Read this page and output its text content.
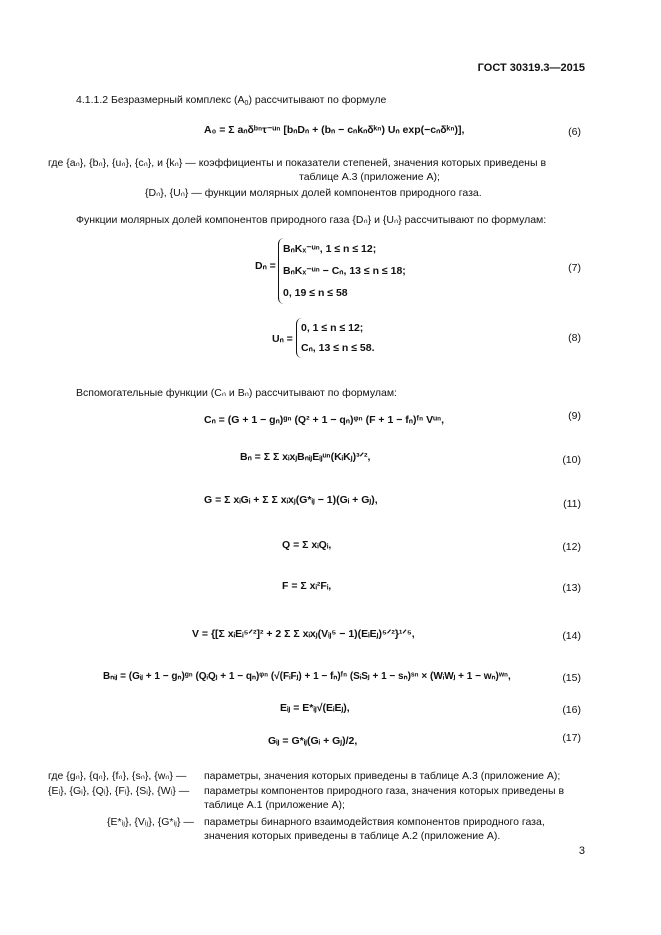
ГОСТ 30319.3—2015
4.1.1.2 Безразмерный комплекс $(A_0)$ рассчитывают по формуле
A₀ = Σ aₙδᵇⁿτ⁻ᵘⁿ [bₙDₙ + (bₙ − cₙkₙδᵏⁿ) Uₙ exp(−cₙδᵏⁿ)],	(6)
где {aₙ}, {bₙ}, {uₙ}, {cₙ}, и {kₙ} — коэффициенты и показатели степеней, значения которых приведены в
таблице А.3 (приложение А);
{Dₙ}, {Uₙ} — функции молярных долей компонентов природного газа.
Функции молярных долей компонентов природного газа {Dₙ} и {Uₙ} рассчитывают по формулам:
Dₙ =
BₙKₓ⁻ᵘⁿ, 1 ≤ n ≤ 12;
BₙKₓ⁻ᵘⁿ − Cₙ, 13 ≤ n ≤ 18;
0, 19 ≤ n ≤ 58
(7)
Uₙ =
0, 1 ≤ n ≤ 12;
Cₙ, 13 ≤ n ≤ 58.
(8)
Вспомогательные функции (Cₙ и Bₙ) рассчитывают по формулам:
Cₙ = (G + 1 − gₙ)ᵍⁿ (Q² + 1 − qₙ)ᵠⁿ (F + 1 − fₙ)ᶠⁿ Vᵘⁿ,	(9)
Bₙ = Σ Σ xᵢxⱼBₙᵢⱼEᵢⱼᵘⁿ(KᵢKⱼ)³ᐟ²,	(10)
G = Σ xᵢGᵢ + Σ Σ xᵢxⱼ(G*ᵢⱼ − 1)(Gᵢ + Gⱼ),	(11)
Q = Σ xᵢQᵢ,	(12)
F = Σ xᵢ²Fᵢ,	(13)
V = {[Σ xᵢEᵢ⁵ᐟ²]² + 2 Σ Σ xᵢxⱼ(Vᵢⱼ⁵ − 1)(EᵢEⱼ)⁵ᐟ²}¹ᐟ⁵,	(14)
Bₙᵢⱼ = (Gᵢⱼ + 1 − gₙ)ᵍⁿ (QᵢQⱼ + 1 − qₙ)ᵠⁿ (√(FᵢFⱼ) + 1 − fₙ)ᶠⁿ (SᵢSⱼ + 1 − sₙ)ˢⁿ × (WᵢWⱼ + 1 − wₙ)ʷⁿ,	(15)
Eᵢⱼ = E*ᵢⱼ√(EᵢEⱼ),	(16)
Gᵢⱼ = G*ᵢⱼ(Gᵢ + Gⱼ)/2,	(17)
где {gₙ}, {qₙ}, {fₙ}, {sₙ}, {wₙ} — параметры, значения которых приведены в таблице А.3 (приложение А);
{Eᵢ}, {Gᵢ}, {Qᵢ}, {Fᵢ}, {Sᵢ}, {Wᵢ} — параметры компонентов природного газа, значения которых приведены в
таблице А.1 (приложение А);
{E*ᵢⱼ}, {Vᵢⱼ}, {G*ᵢⱼ} — параметры бинарного взаимодействия компонентов природного газа,
значения которых приведены в таблице А.2 (приложение А).
3
